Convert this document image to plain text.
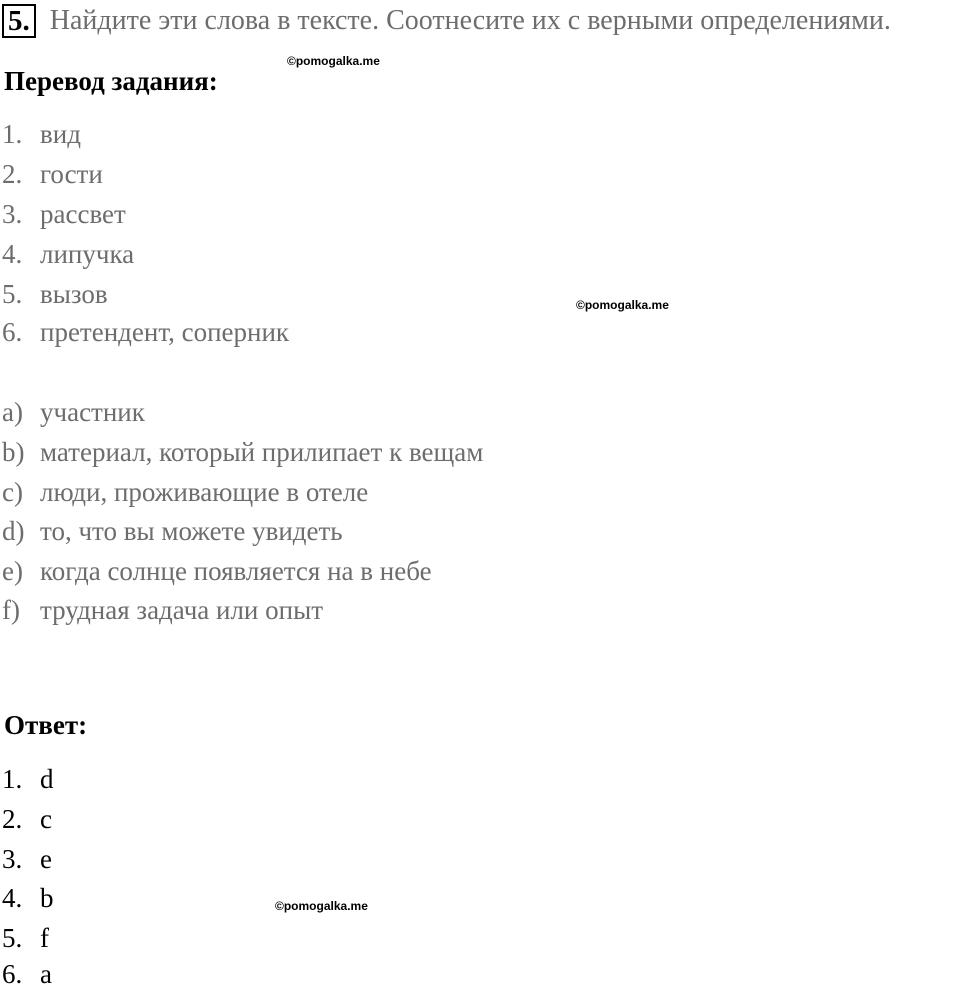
5. Найдите эти слова в тексте. Соотнесите их с верными определениями.
©pomogalka.me
Перевод задания:
1. вид
2. гости
3. рассвет
4. липучка
5. вызов
6. претендент, соперник
©pomogalka.me
a) участник
b) материал, который прилипает к вещам
c) люди, проживающие в отеле
d) то, что вы можете увидеть
e) когда солнце появляется на в небе
f) трудная задача или опыт
Ответ:
1. d
2. c
3. e
4. b
5. f
6. a
©pomogalka.me
